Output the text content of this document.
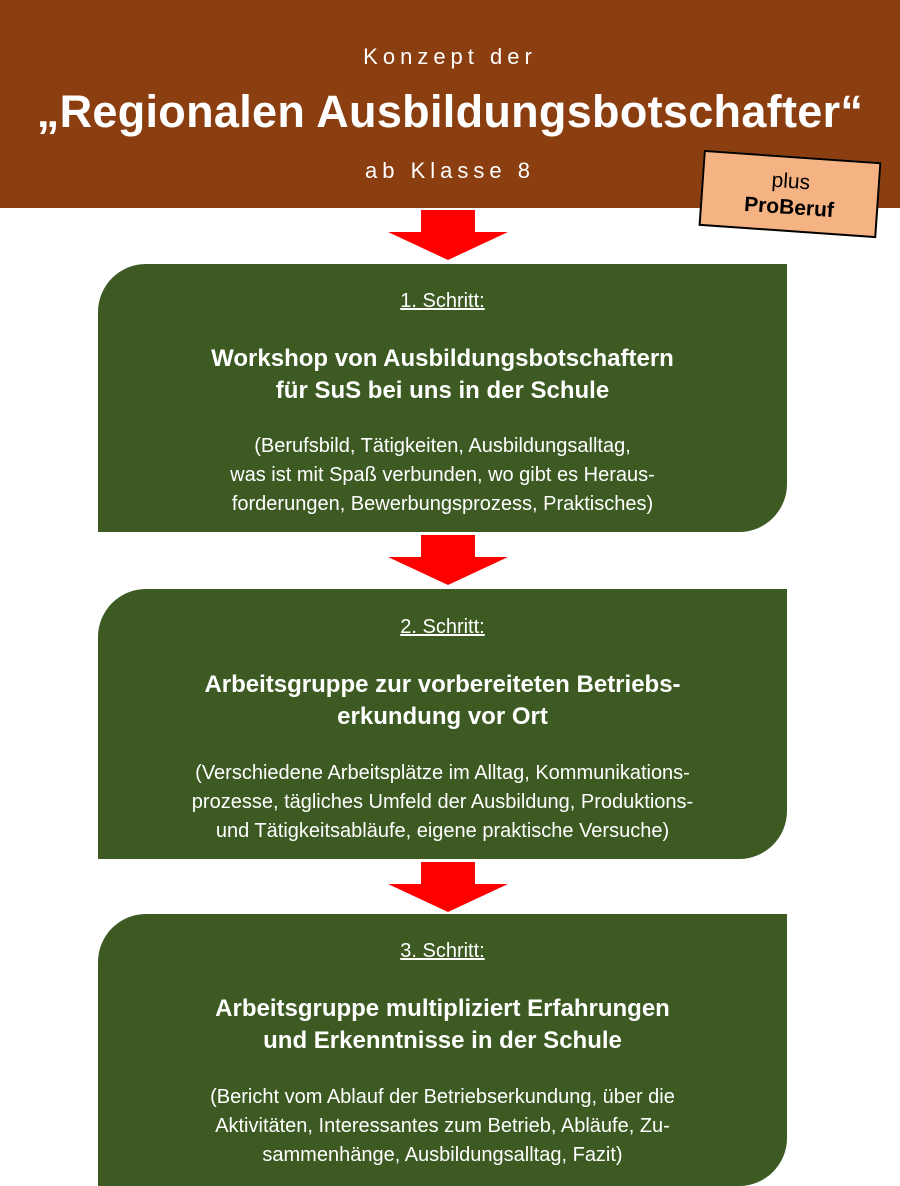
Konzept der
„Regionalen Ausbildungsbotschafter“
ab Klasse 8	plus
ProBeruf
1. Schritt:
Workshop von Ausbildungsbotschaftern
für SuS bei uns in der Schule
(Berufsbild, Tätigkeiten, Ausbildungsalltag,
was ist mit Spaß verbunden, wo gibt es Heraus-
forderungen, Bewerbungsprozess, Praktisches)
2. Schritt:
Arbeitsgruppe zur vorbereiteten Betriebs-
erkundung vor Ort
(Verschiedene Arbeitsplätze im Alltag, Kommunikations-
prozesse, tägliches Umfeld der Ausbildung, Produktions-
und Tätigkeitsabläufe, eigene praktische Versuche)
3. Schritt:
Arbeitsgruppe multipliziert Erfahrungen
und Erkenntnisse in der Schule
(Bericht vom Ablauf der Betriebserkundung, über die
Aktivitäten, Interessantes zum Betrieb, Abläufe, Zu-
sammenhänge, Ausbildungsalltag, Fazit)
